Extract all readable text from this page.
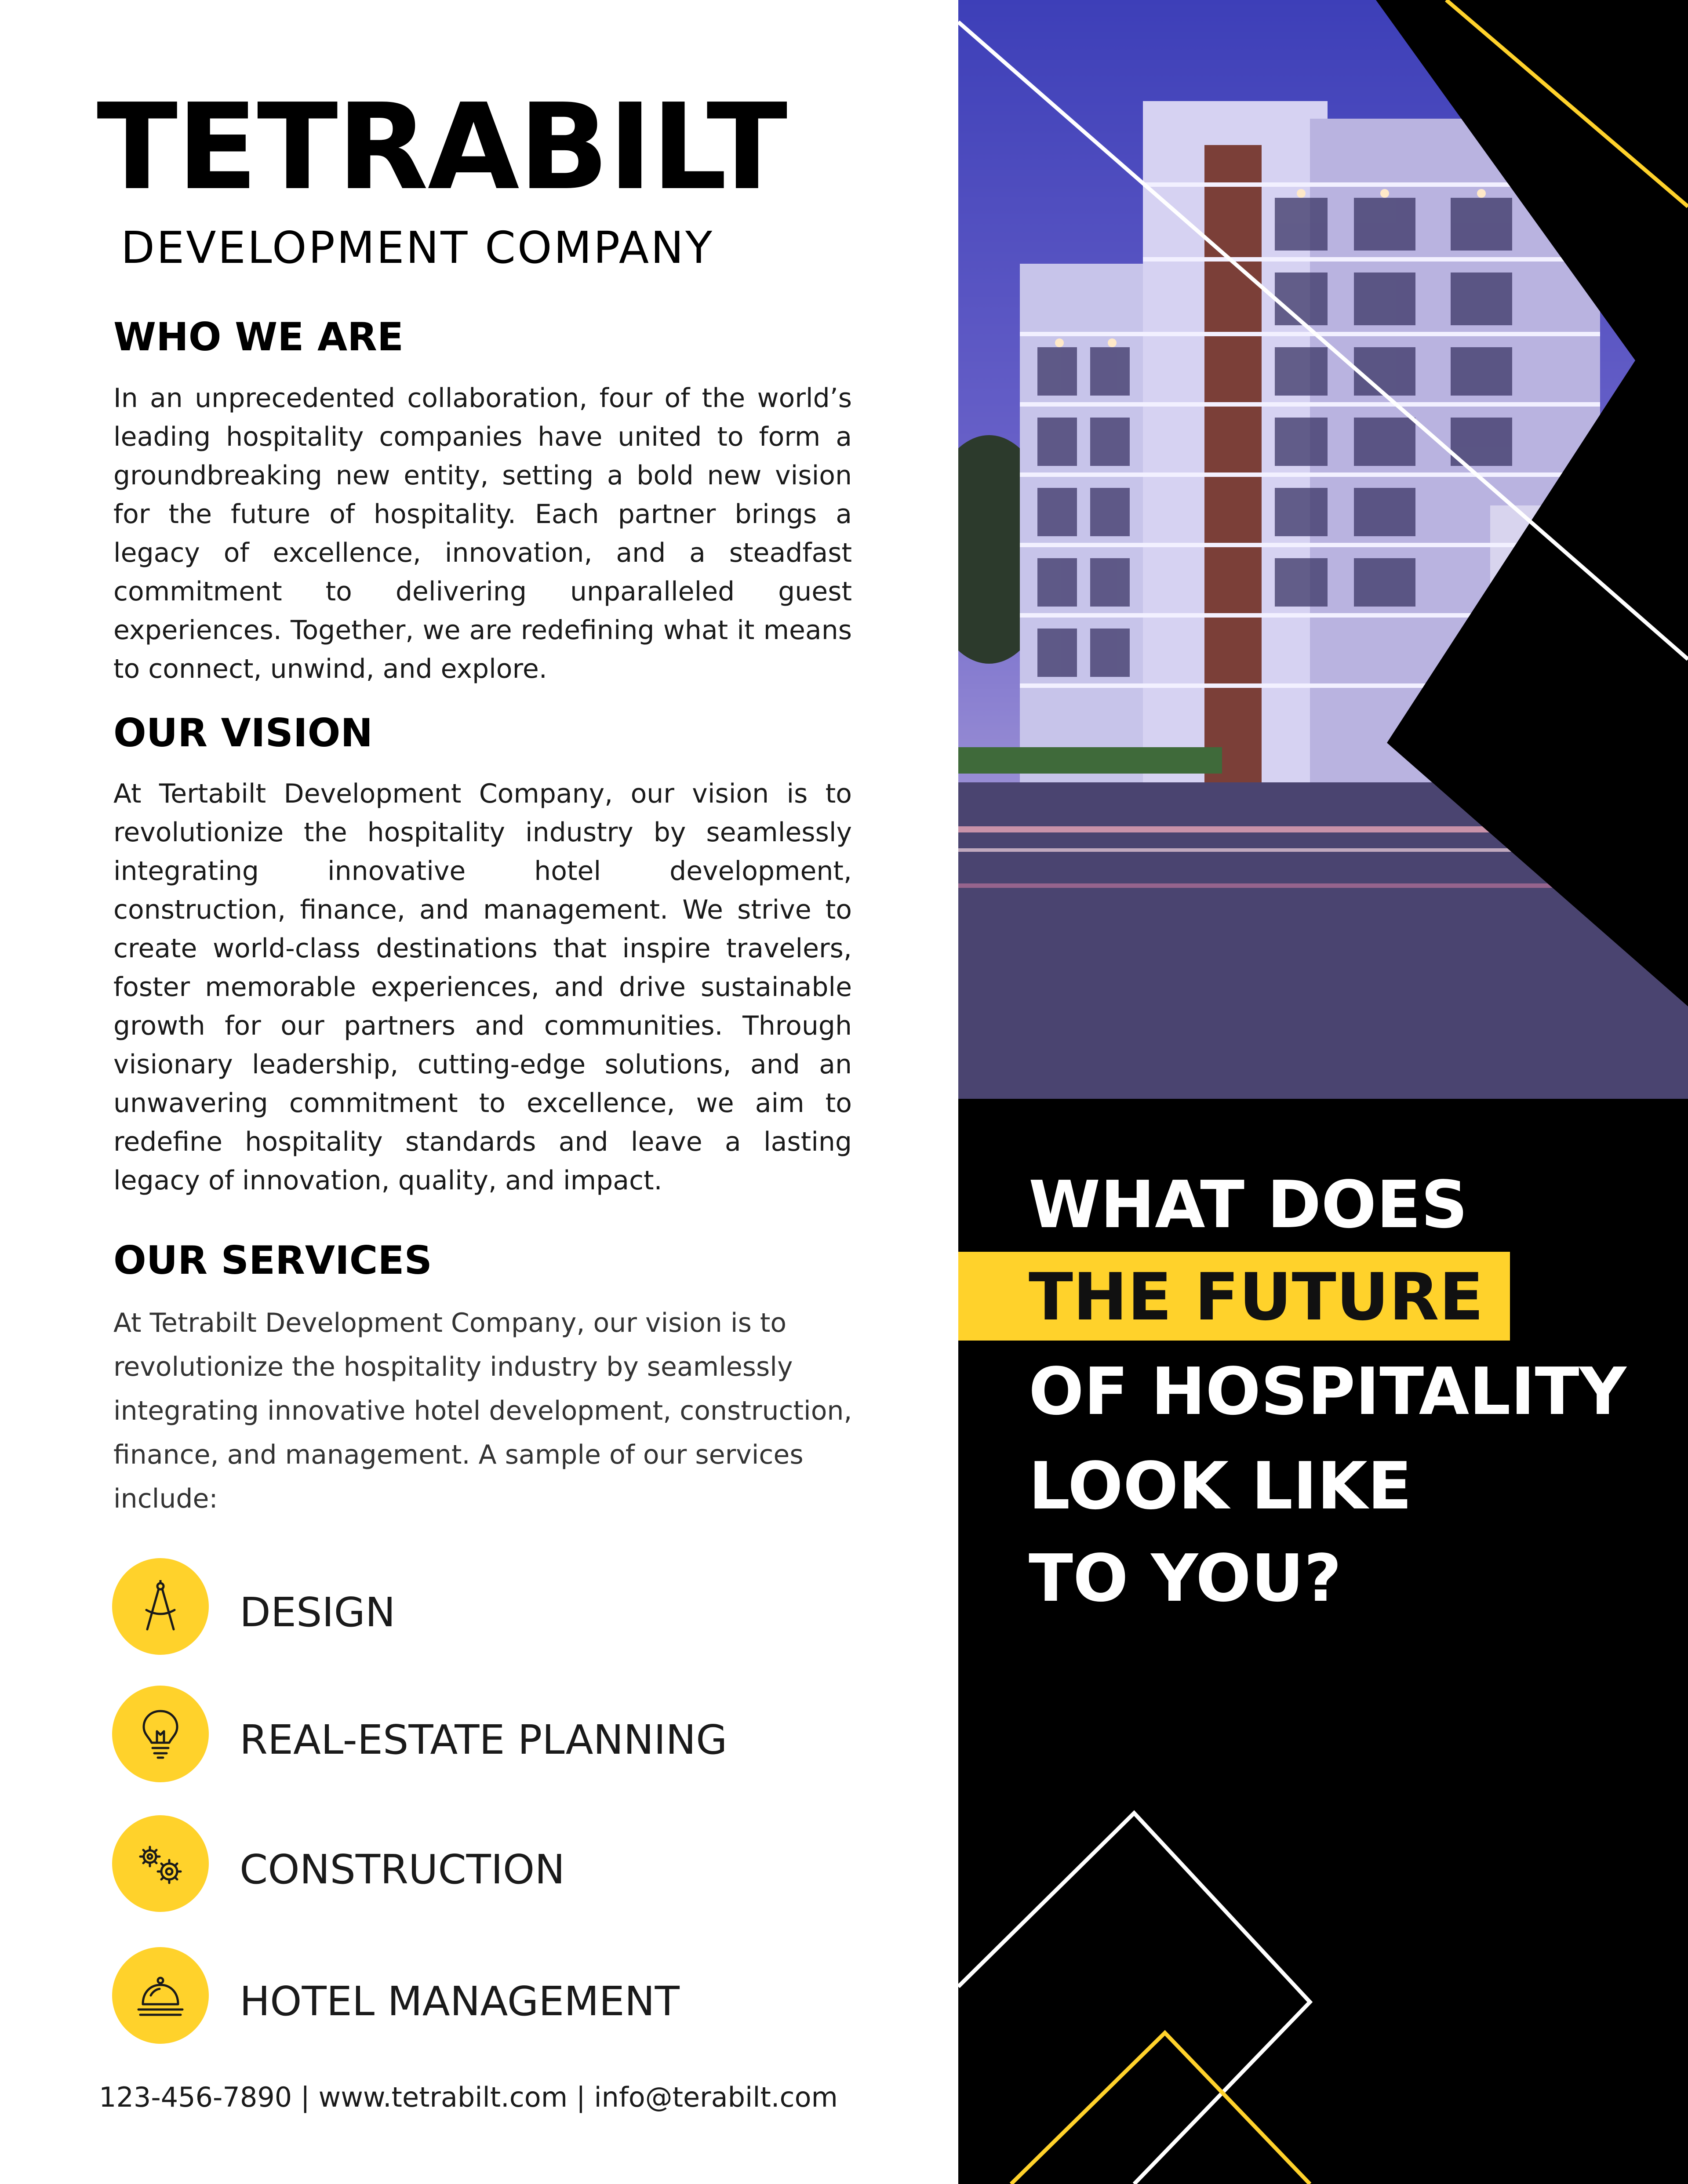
TETRABILT
DEVELOPMENT COMPANY
WHO WE ARE
In an unprecedented collaboration, four of the world’s leading hospitality companies have united to form a groundbreaking new entity, setting a bold new vision for the future of hospitality. Each partner brings a legacy of excellence, innovation, and a steadfast commitment to delivering unparalleled guest experiences. Together, we are redefining what it means to connect, unwind, and explore.
OUR VISION
At Tertabilt Development Company, our vision is to revolutionize the hospitality industry by seamlessly integrating innovative hotel development, construction, finance, and management. We strive to create world-class destinations that inspire travelers, foster memorable experiences, and drive sustainable growth for our partners and communities. Through visionary leadership, cutting-edge solutions, and an unwavering commitment to excellence, we aim to redefine hospitality standards and leave a lasting legacy of innovation, quality, and impact.
OUR SERVICES
At Tetrabilt Development Company, our vision is to revolutionize the hospitality industry by seamlessly integrating innovative hotel development, construction, finance, and management. A sample of our services include:
DESIGN
REAL-ESTATE PLANNING
CONSTRUCTION
HOTEL MANAGEMENT
123-456-7890 | www.tetrabilt.com | info@terabilt.com
WHAT DOES
THE FUTURE
OF HOSPITALITY
LOOK LIKE
TO YOU?
